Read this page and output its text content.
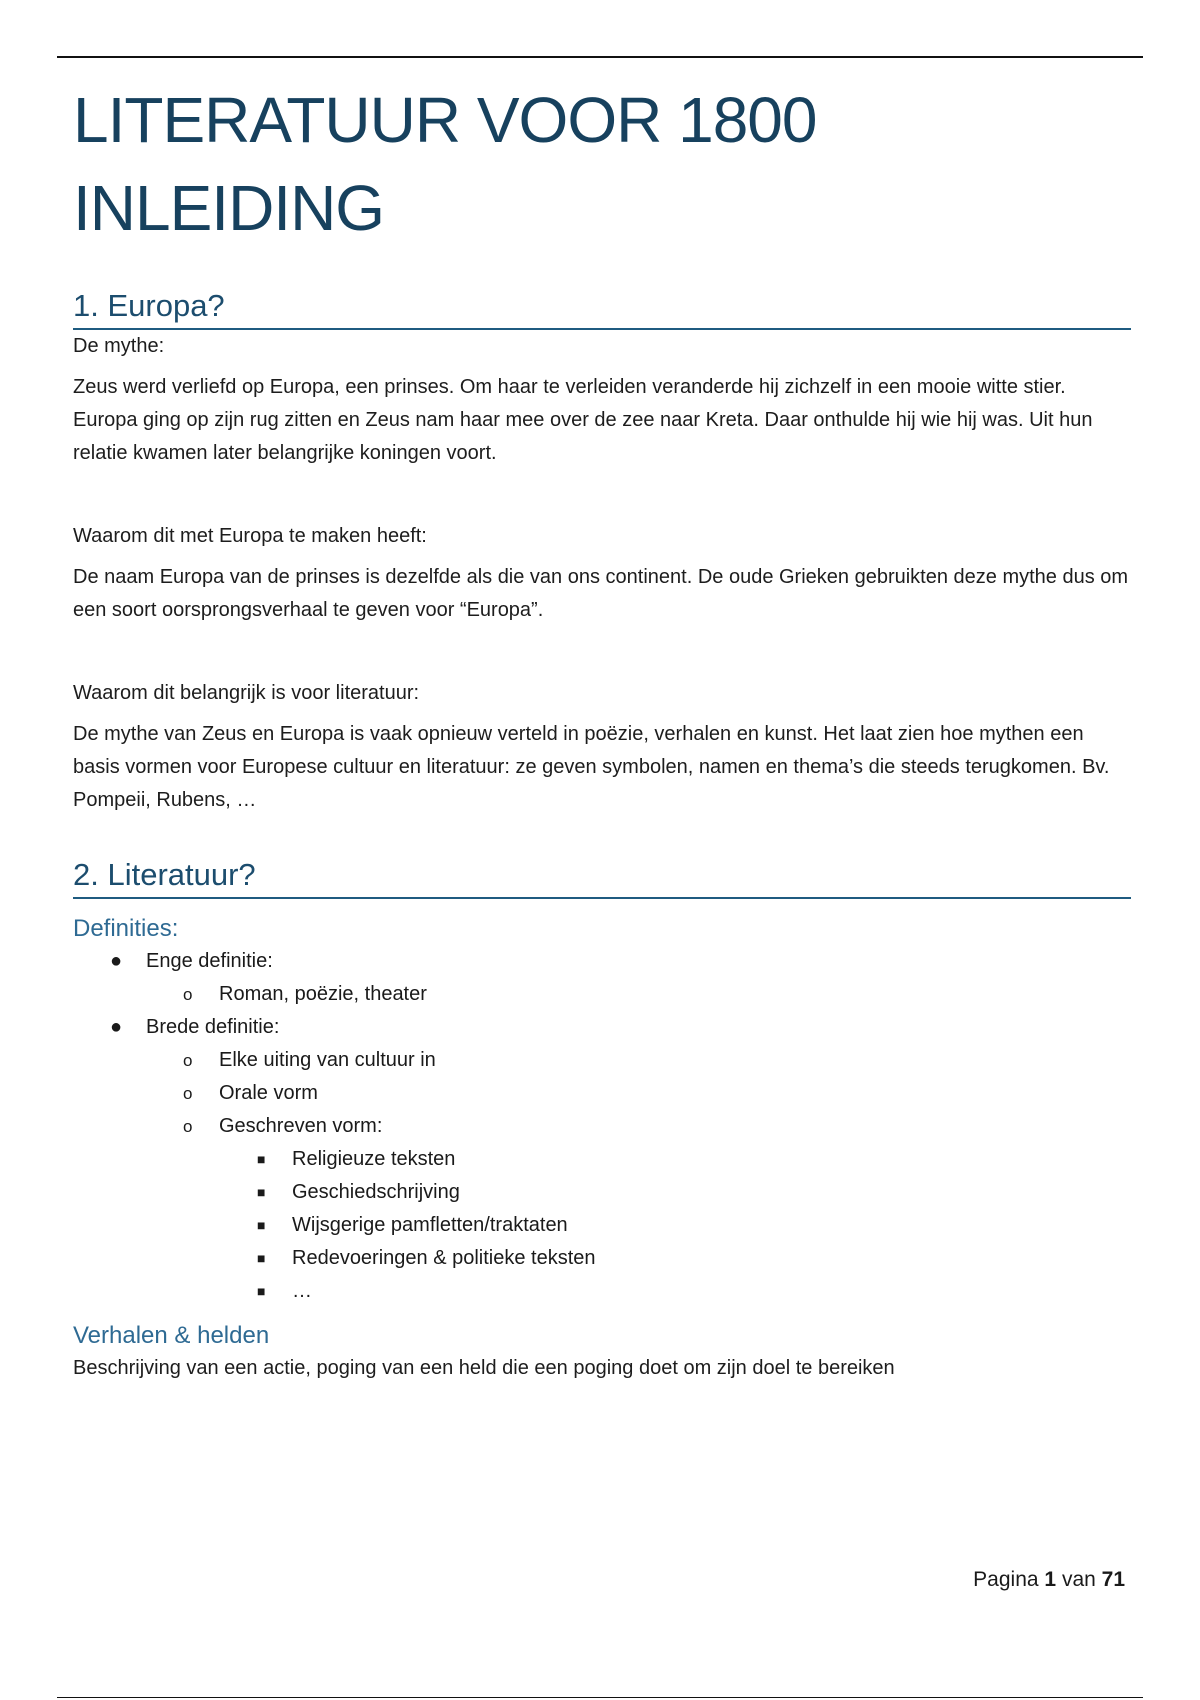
LITERATUUR VOOR 1800
INLEIDING
1. Europa?
De mythe:

Zeus werd verliefd op Europa, een prinses. Om haar te verleiden veranderde hij zichzelf in een mooie witte stier. Europa ging op zijn rug zitten en Zeus nam haar mee over de zee naar Kreta. Daar onthulde hij wie hij was. Uit hun relatie kwamen later belangrijke koningen voort.

Waarom dit met Europa te maken heeft:

De naam Europa van de prinses is dezelfde als die van ons continent. De oude Grieken gebruikten deze mythe dus om een soort oorsprongsverhaal te geven voor “Europa”.

Waarom dit belangrijk is voor literatuur:

De mythe van Zeus en Europa is vaak opnieuw verteld in poëzie, verhalen en kunst. Het laat zien hoe mythen een basis vormen voor Europese cultuur en literatuur: ze geven symbolen, namen en thema’s die steeds terugkomen. Bv. Pompeii, Rubens, …

2. Literatuur?
Definities:
● Enge definitie:
o Roman, poëzie, theater
● Brede definitie:
o Elke uiting van cultuur in
o Orale vorm
o Geschreven vorm:
■ Religieuze teksten
■ Geschiedschrijving
■ Wijsgerige pamfletten/traktaten
■ Redevoeringen & politieke teksten
■ …
Verhalen & helden
Beschrijving van een actie, poging van een held die een poging doet om zijn doel te bereiken
Pagina 1 van 71
